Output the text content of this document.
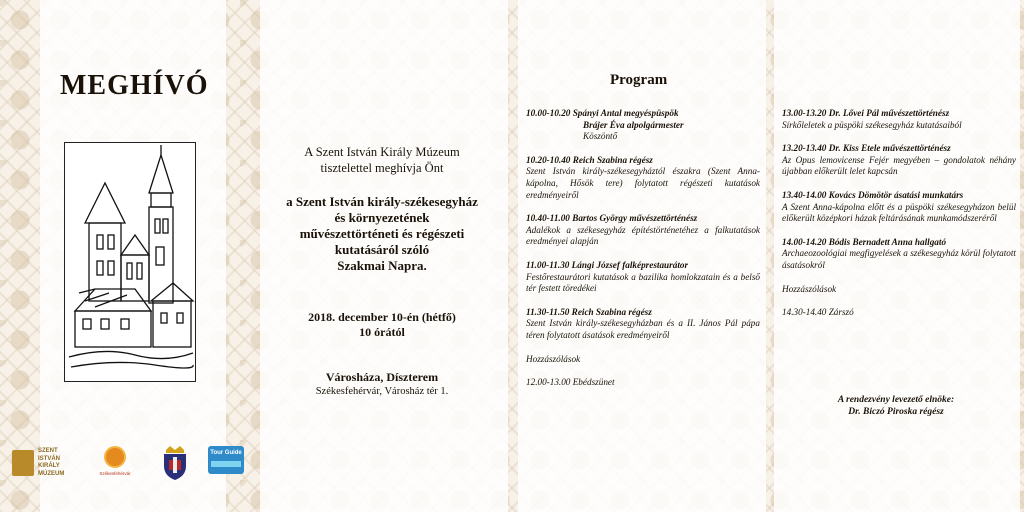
MEGHÍVÓ
A Szent István Király Múzeum
tisztelettel meghívja Önt
a Szent István király-székesegyház
és környezetének
művészettörténeti és régészeti
kutatásáról szóló
Szakmai Napra.
2018. december 10-én (hétfő)
10 órától
Városháza, Díszterem
Székesfehérvár, Városház tér 1.
Program
10.00-10.20 Spányi Antal megyéspüspök
Brájer Éva alpolgármester
Köszöntő
10.20-10.40 Reich Szabina régész
Szent István király-székesegyháztól északra (Szent Anna-kápolna, Hősök tere) folytatott régészeti kutatások eredményeiről
10.40-11.00 Bartos György művészettörténész
Adalékok a székesegyház építéstörténetéhez a falkutatások eredményei alapján
11.00-11.30 Lángi József falképrestaurátor
Festőrestaurátori kutatások a bazilika homlokzatain és a belső tér festett töredékei
11.30-11.50 Reich Szabina régész
Szent István király-székesegyházban és a II. János Pál pápa téren folytatott ásatások eredményeiről
Hozzászólások
12.00-13.00 Ebédszünet
13.00-13.20 Dr. Lővei Pál művészettörténész
Sírkőleletek a püspöki székesegyház kutatásaiból
13.20-13.40 Dr. Kiss Etele művészettörténész
Az Opus lemovicense Fejér megyében – gondolatok néhány újabban előkerült lelet kapcsán
13.40-14.00 Kovács Dömötör ásatási munkatárs
A Szent Anna-kápolna előtt és a püspöki székesegyházon belül előkerült középkori házak feltárásának munkamódszeréről
14.00-14.20 Bódis Bernadett Anna hallgató
Archaeozoológiai megfigyelések a székesegyház körül folytatott ásatásokról
Hozzászólások
14.30-14.40 Zárszó
A rendezvény levezető elnöke:
Dr. Biczó Piroska régész
SZENT
ISTVÁN
KIRÁLY
MÚZEUM	Székesfehérvár
Tour Guide
